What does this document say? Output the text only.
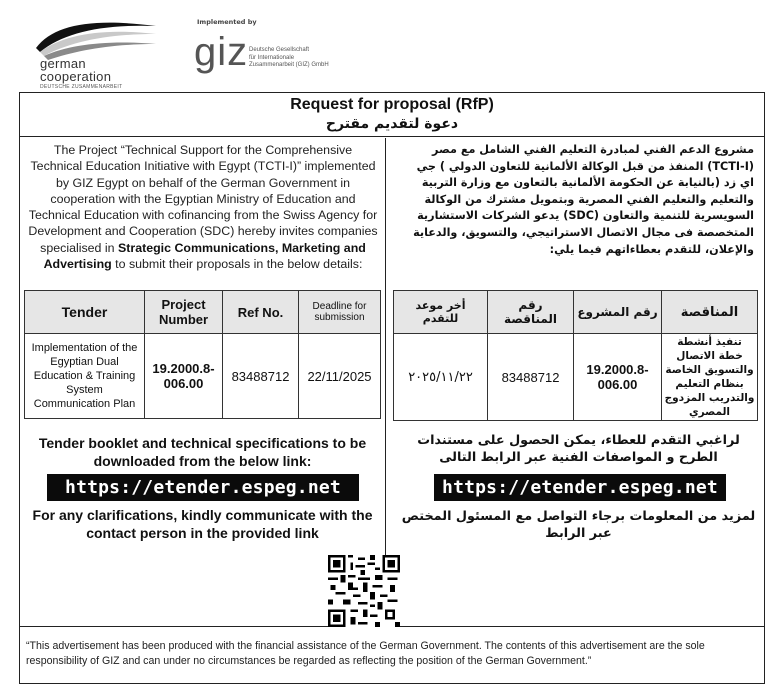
german
cooperation
DEUTSCHE ZUSAMMENARBEIT
Implemented by
giz Deutsche Gesellschaft
für Internationale
Zusammenarbeit (GIZ) GmbH
Request for proposal (RfP)
دعوة لتقديم مقترح
The Project “Technical Support for the Comprehensive Technical Education Initiative with Egypt (TCTI-I)” implemented by GIZ Egypt on behalf of the German Government in cooperation with the Egyptian Ministry of Education and Technical Education with cofinancing from the Swiss Agency for Development and Cooperation (SDC) hereby invites companies specialised in Strategic Communications, Marketing and Advertising to submit their proposals in the below details:
Tender	Project Number	Ref No.	Deadline for submission
Implementation of the Egyptian Dual Education & Training System Communication Plan	19.2000.8-006.00	83488712	22/11/2025
Tender booklet and technical specifications to be downloaded from the below link:
https://etender.espeg.net
For any clarifications, kindly communicate with the contact person in the provided link
مشروع الدعم الفني لمبادرة التعليم الفني الشامل مع مصر (TCTI-I) المنفذ من قبل الوكالة الألمانية للتعاون الدولي ) جي اي زد (بالنيابة عن الحكومة الألمانية بالتعاون مع وزارة التربية والتعليم والتعليم الفني المصرية وبتمويل مشترك من الوكالة السويسرية للتنمية والتعاون (SDC) يدعو الشركات الاستشارية المتخصصة فى مجال الاتصال الاستراتيجي، والتسويق، والدعاية والإعلان، للتقدم بعطاءاتهم فيما يلي:
المناقصة	رقم المشروع	رقم المناقصة	أخر موعد للتقدم
تنفيذ أنشطة خطة الاتصال والتسويق الخاصة بنظام التعليم والتدريب المزدوج المصري	19.2000.8-006.00	83488712	٢٠٢٥/١١/٢٢
لراغبي التقدم للعطاء، يمكن الحصول على مستندات الطرح و المواصفات الفنية عبر الرابط التالى
https://etender.espeg.net
لمزيد من المعلومات برجاء التواصل مع المسئول المختص عبر الرابط
“This advertisement has been produced with the financial assistance of the German Government. The contents of this advertisement are the sole responsibility of GIZ and can under no circumstances be regarded as reflecting the position of the German Government.”
